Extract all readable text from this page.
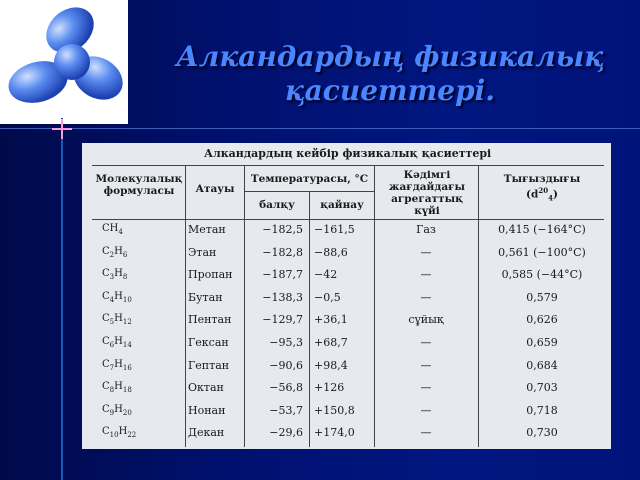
Алкандардың физикалық
қасиеттері.
Алкандардың кейбір физикалық қасиеттері
Молекулалық формуласы	Атауы
Температурасы, °С
балқу	қайнау
Кәдімгі жағдайдағы агрегаттық күйі
Тығыздығы
$(d^{20}_4)$
$CH_4$	Метан	−182,5 −161,5	Газ	0,415 (−164°С)
$C_2H_6$	Этан	−182,8 −88,6	—	0,561 (−100°С)
$C_3H_8$	Пропан	−187,7 −42	—	0,585 (−44°С)
$C_4H_{10}$	Бутан	−138,3 −0,5	—	0,579
$C_5H_{12}$	Пентан	−129,7 +36,1	сұйық	0,626
$C_6H_{14}$	Гексан	−95,3 +68,7	—	0,659
$C_7H_{16}$	Гептан	−90,6 +98,4	—	0,684
$C_8H_{18}$	Октан	−56,8 +126	—	0,703
$C_9H_{20}$	Нонан	−53,7 +150,8	—	0,718
$C_{10}H_{22}$	Декан	−29,6 +174,0	—	0,730
